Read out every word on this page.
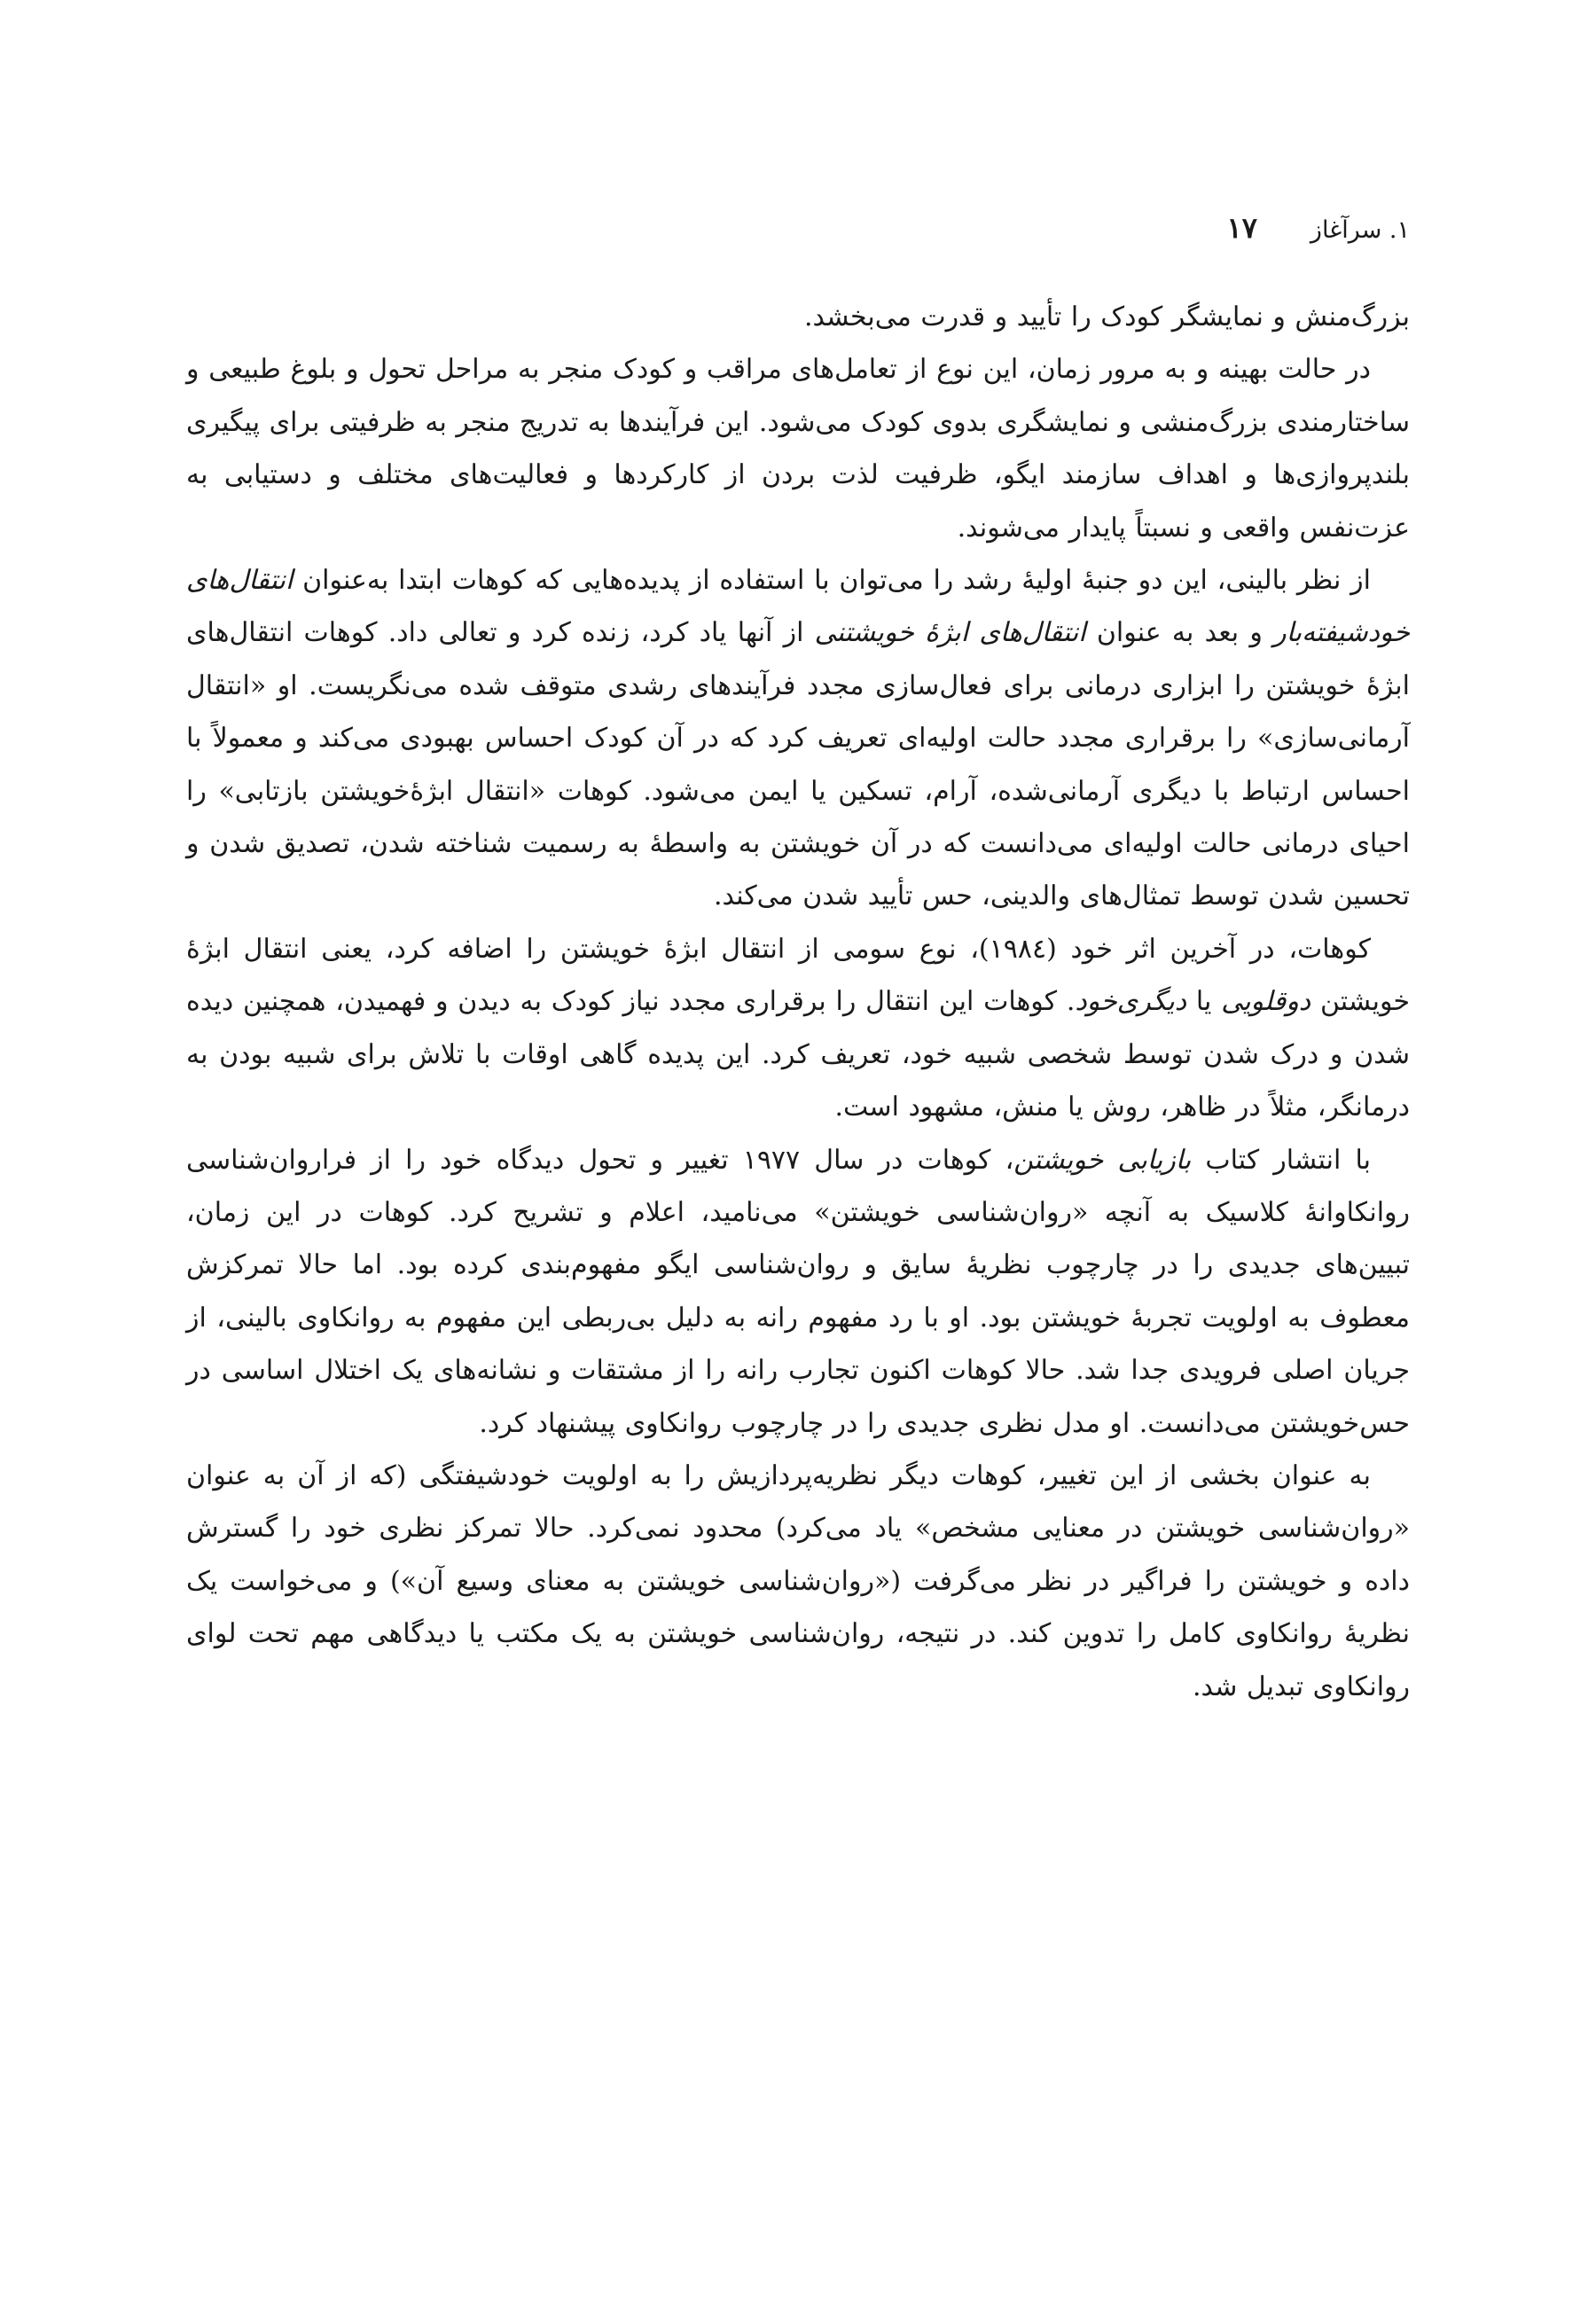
۱. سرآغاز
۱۷

بزرگ‌منش و نمایشگر کودک را تأیید و قدرت می‌بخشد.

در حالت بهینه و به مرور زمان، این نوع از تعامل‌های مراقب و کودک منجر به مراحل تحول و بلوغ طبیعی و ساختارمندی بزرگ‌منشی و نمایشگری بدوی کودک می‌شود. این فرآیندها به تدریج منجر به ظرفیتی برای پیگیری بلندپروازی‌ها و اهداف سازمند ایگو، ظرفیت لذت بردن از کارکردها و فعالیت‌های مختلف و دستیابی به عزت‌نفس واقعی و نسبتاً پایدار می‌شوند.

از نظر بالینی، این دو جنبهٔ اولیهٔ رشد را می‌توان با استفاده از پدیده‌هایی که کوهات ابتدا به‌عنوان انتقال‌های خودشیفته‌بار و بعد به عنوان انتقال‌های ابژهٔ خویشتنی از آنها یاد کرد، زنده کرد و تعالی داد. کوهات انتقال‌های ابژهٔ خویشتن را ابزاری درمانی برای فعال‌سازی مجدد فرآیندهای رشدی متوقف شده می‌نگریست. او «انتقال آرمانی‌سازی» را برقراری مجدد حالت اولیه‌ای تعریف کرد که در آن کودک احساس بهبودی می‌کند و معمولاً با احساس ارتباط با دیگری آرمانی‌شده، آرام، تسکین یا ایمن می‌شود. کوهات «انتقال ابژهٔ‌خویشتن بازتابی» را احیای درمانی حالت اولیه‌ای می‌دانست که در آن خویشتن به واسطهٔ به رسمیت شناخته شدن، تصدیق شدن و تحسین شدن توسط تمثال‌های والدینی، حس تأیید شدن می‌کند.

کوهات، در آخرین اثر خود (۱۹۸٤)، نوع سومی از انتقال ابژهٔ خویشتن را اضافه کرد، یعنی انتقال ابژهٔ خویشتن دوقلویی یا دیگری‌خود. کوهات این انتقال را برقراری مجدد نیاز کودک به دیدن و فهمیدن، همچنین دیده شدن و درک شدن توسط شخصی شبیه خود، تعریف کرد. این پدیده گاهی اوقات با تلاش برای شبیه بودن به درمانگر، مثلاً در ظاهر، روش یا منش، مشهود است.

با انتشار کتاب بازیابی خویشتن، کوهات در سال ۱۹۷۷ تغییر و تحول دیدگاه خود را از فراروان‌شناسی روانکاوانهٔ کلاسیک به آنچه «روان‌شناسی خویشتن» می‌نامید، اعلام و تشریح کرد. کوهات در این زمان، تبیین‌های جدیدی را در چارچوب نظریهٔ سایق و روان‌شناسی ایگو مفهوم‌بندی کرده بود. اما حالا تمرکزش معطوف به اولویت تجربهٔ خویشتن بود. او با رد مفهوم رانه به دلیل بی‌ربطی این مفهوم به روانکاوی بالینی، از جریان اصلی فرویدی جدا شد. حالا کوهات اکنون تجارب رانه را از مشتقات و نشانه‌های یک اختلال اساسی در حس‌خویشتن می‌دانست. او مدل نظری جدیدی را در چارچوب روانکاوی پیشنهاد کرد.

به عنوان بخشی از این تغییر، کوهات دیگر نظریه‌پردازیش را به اولویت خودشیفتگی (که از آن به عنوان «روان‌شناسی خویشتن در معنایی مشخص» یاد می‌کرد) محدود نمی‌کرد. حالا تمرکز نظری خود را گسترش داده و خویشتن را فراگیر در نظر می‌گرفت («روان‌شناسی خویشتن به معنای وسیع آن») و می‌خواست یک نظریهٔ روانکاوی کامل را تدوین کند. در نتیجه، روان‌شناسی خویشتن به یک مکتب یا دیدگاهی مهم تحت لوای روانکاوی تبدیل شد.
